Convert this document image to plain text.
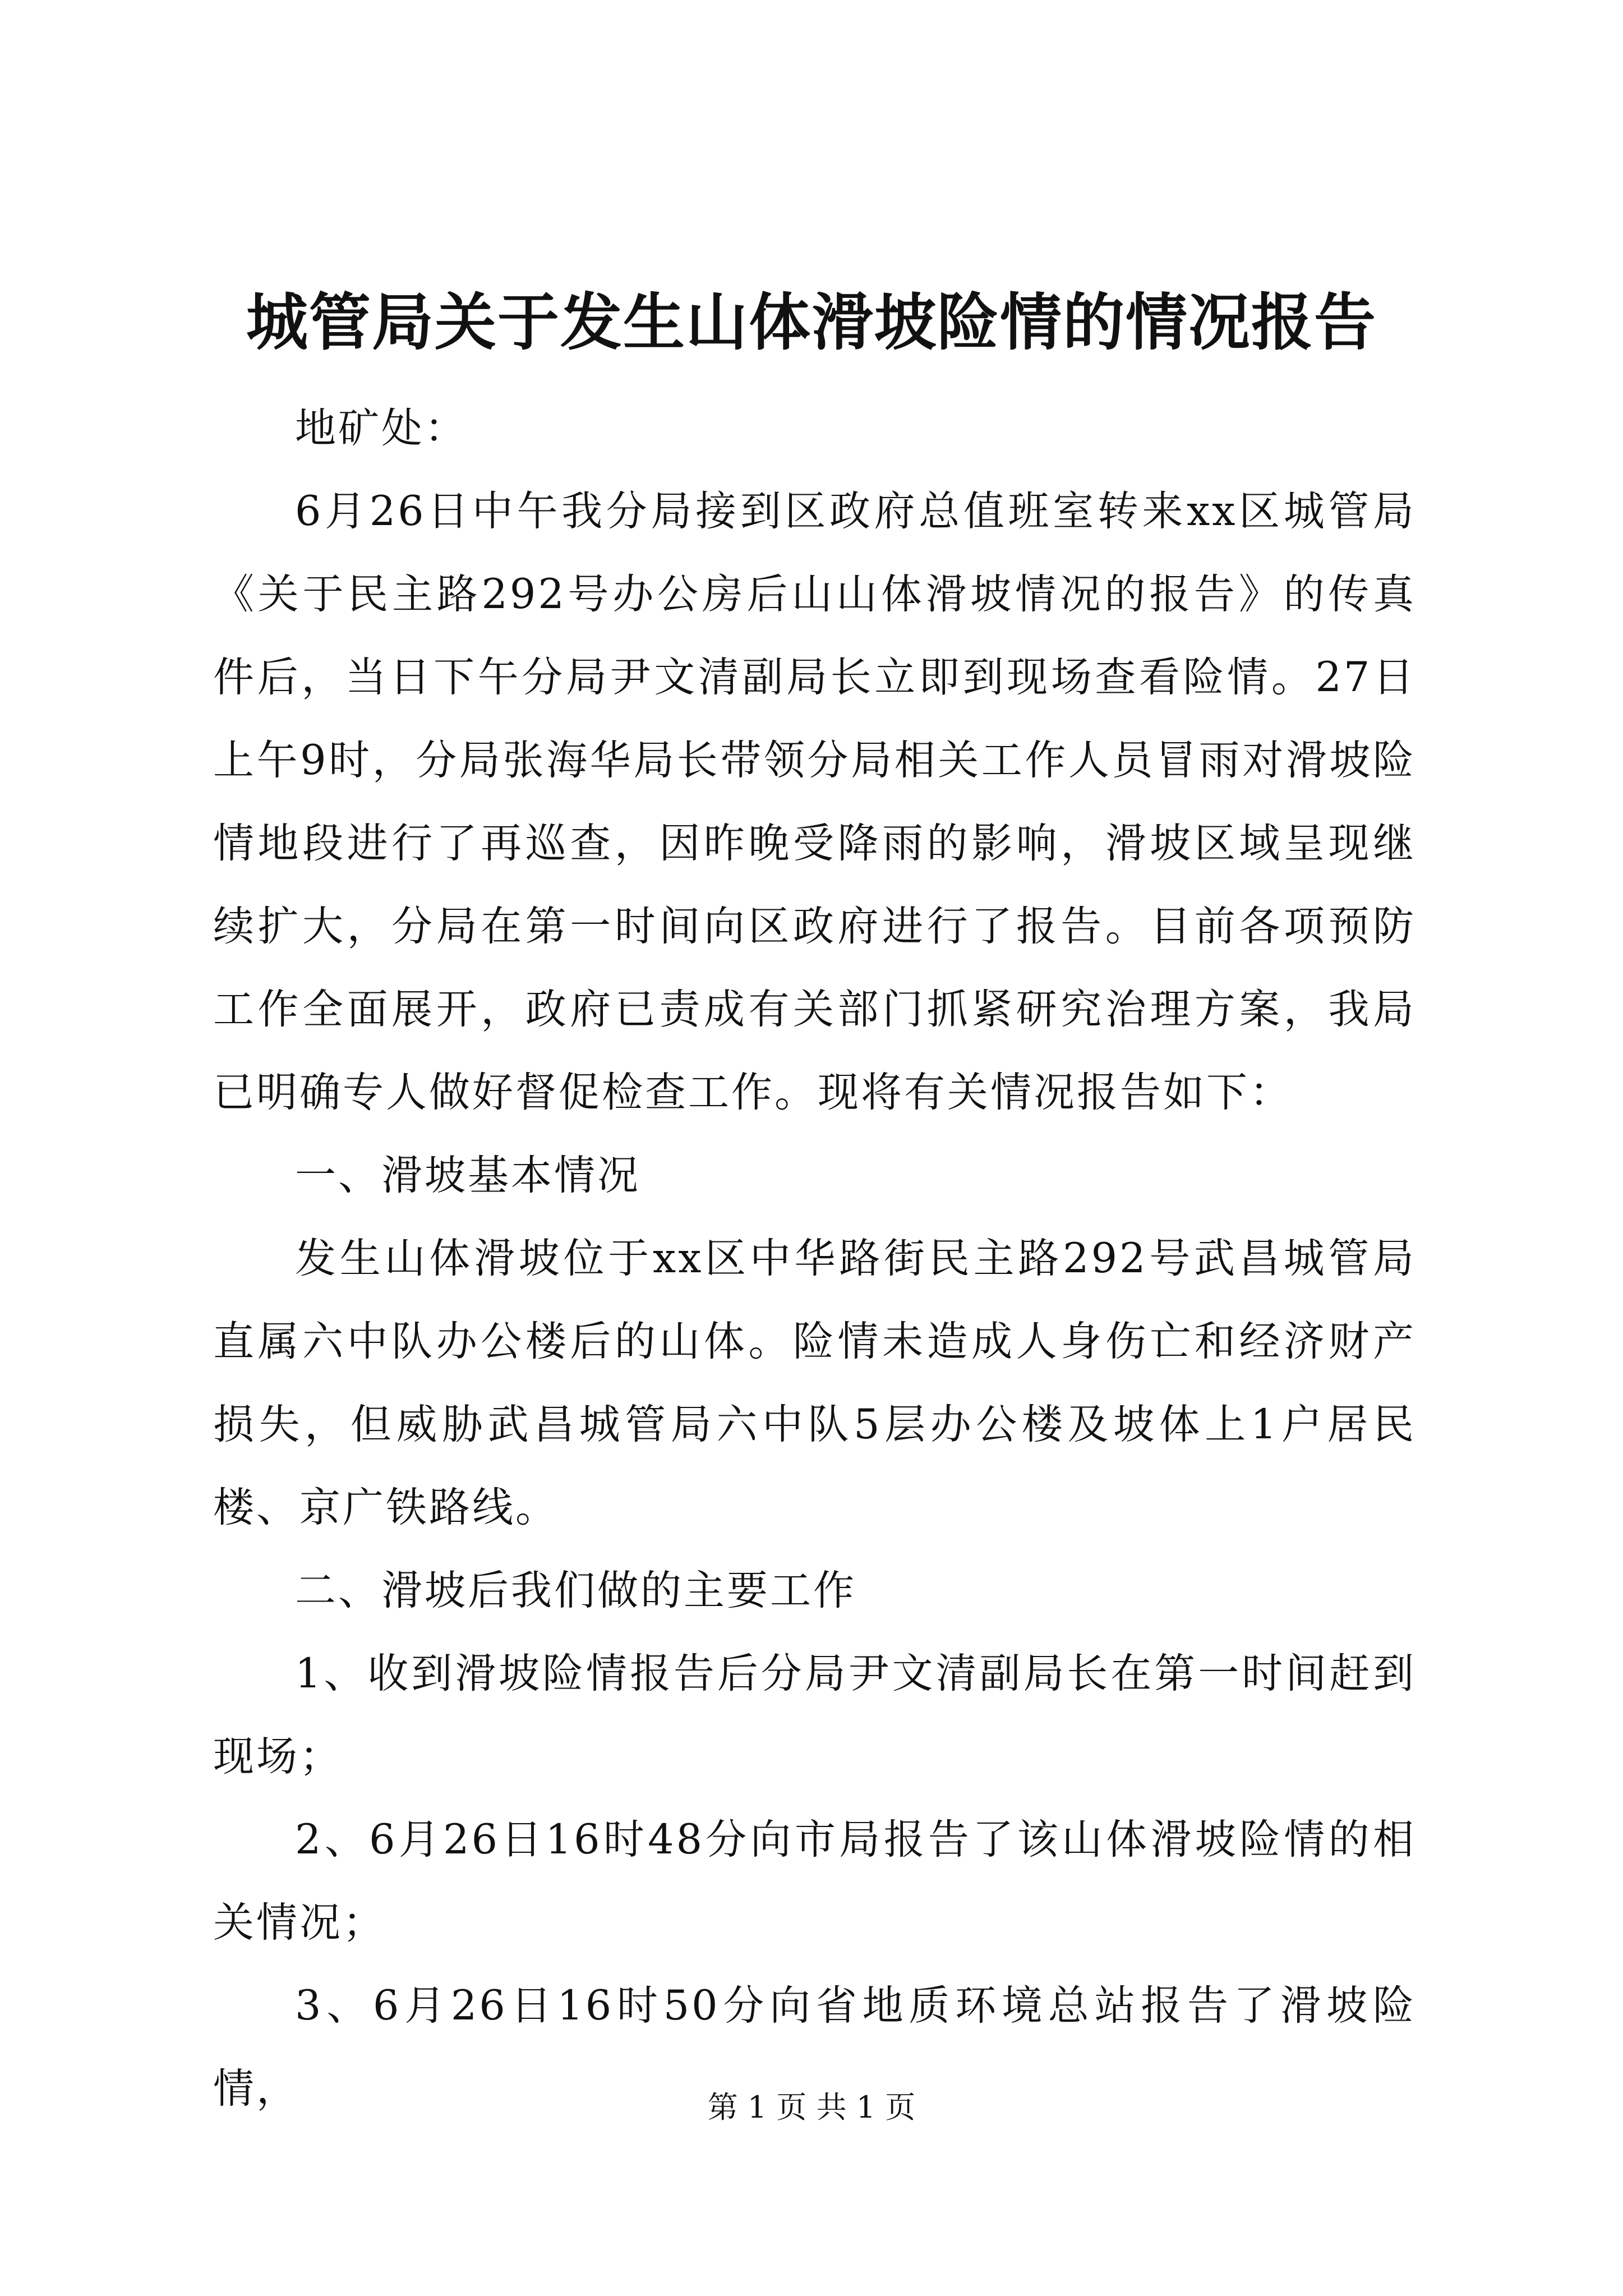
城管局关于发生山体滑坡险情的情况报告

地矿处：

6月26日中午我分局接到区政府总值班室转来xx区城管局《关于民主路292号办公房后山山体滑坡情况的报告》的传真件后，当日下午分局尹文清副局长立即到现场查看险情。27日上午9时，分局张海华局长带领分局相关工作人员冒雨对滑坡险情地段进行了再巡查，因昨晚受降雨的影响，滑坡区域呈现继续扩大，分局在第一时间向区政府进行了报告。目前各项预防工作全面展开，政府已责成有关部门抓紧研究治理方案，我局已明确专人做好督促检查工作。现将有关情况报告如下：

一、滑坡基本情况

发生山体滑坡位于xx区中华路街民主路292号武昌城管局直属六中队办公楼后的山体。险情未造成人身伤亡和经济财产损失，但威胁武昌城管局六中队5层办公楼及坡体上1户居民楼、京广铁路线。

二、滑坡后我们做的主要工作

1、收到滑坡险情报告后分局尹文清副局长在第一时间赶到现场；

2、6月26日16时48分向市局报告了该山体滑坡险情的相关情况；

3、6月26日16时50分向省地质环境总站报告了滑坡险情，	第 1 页 共 1 页
